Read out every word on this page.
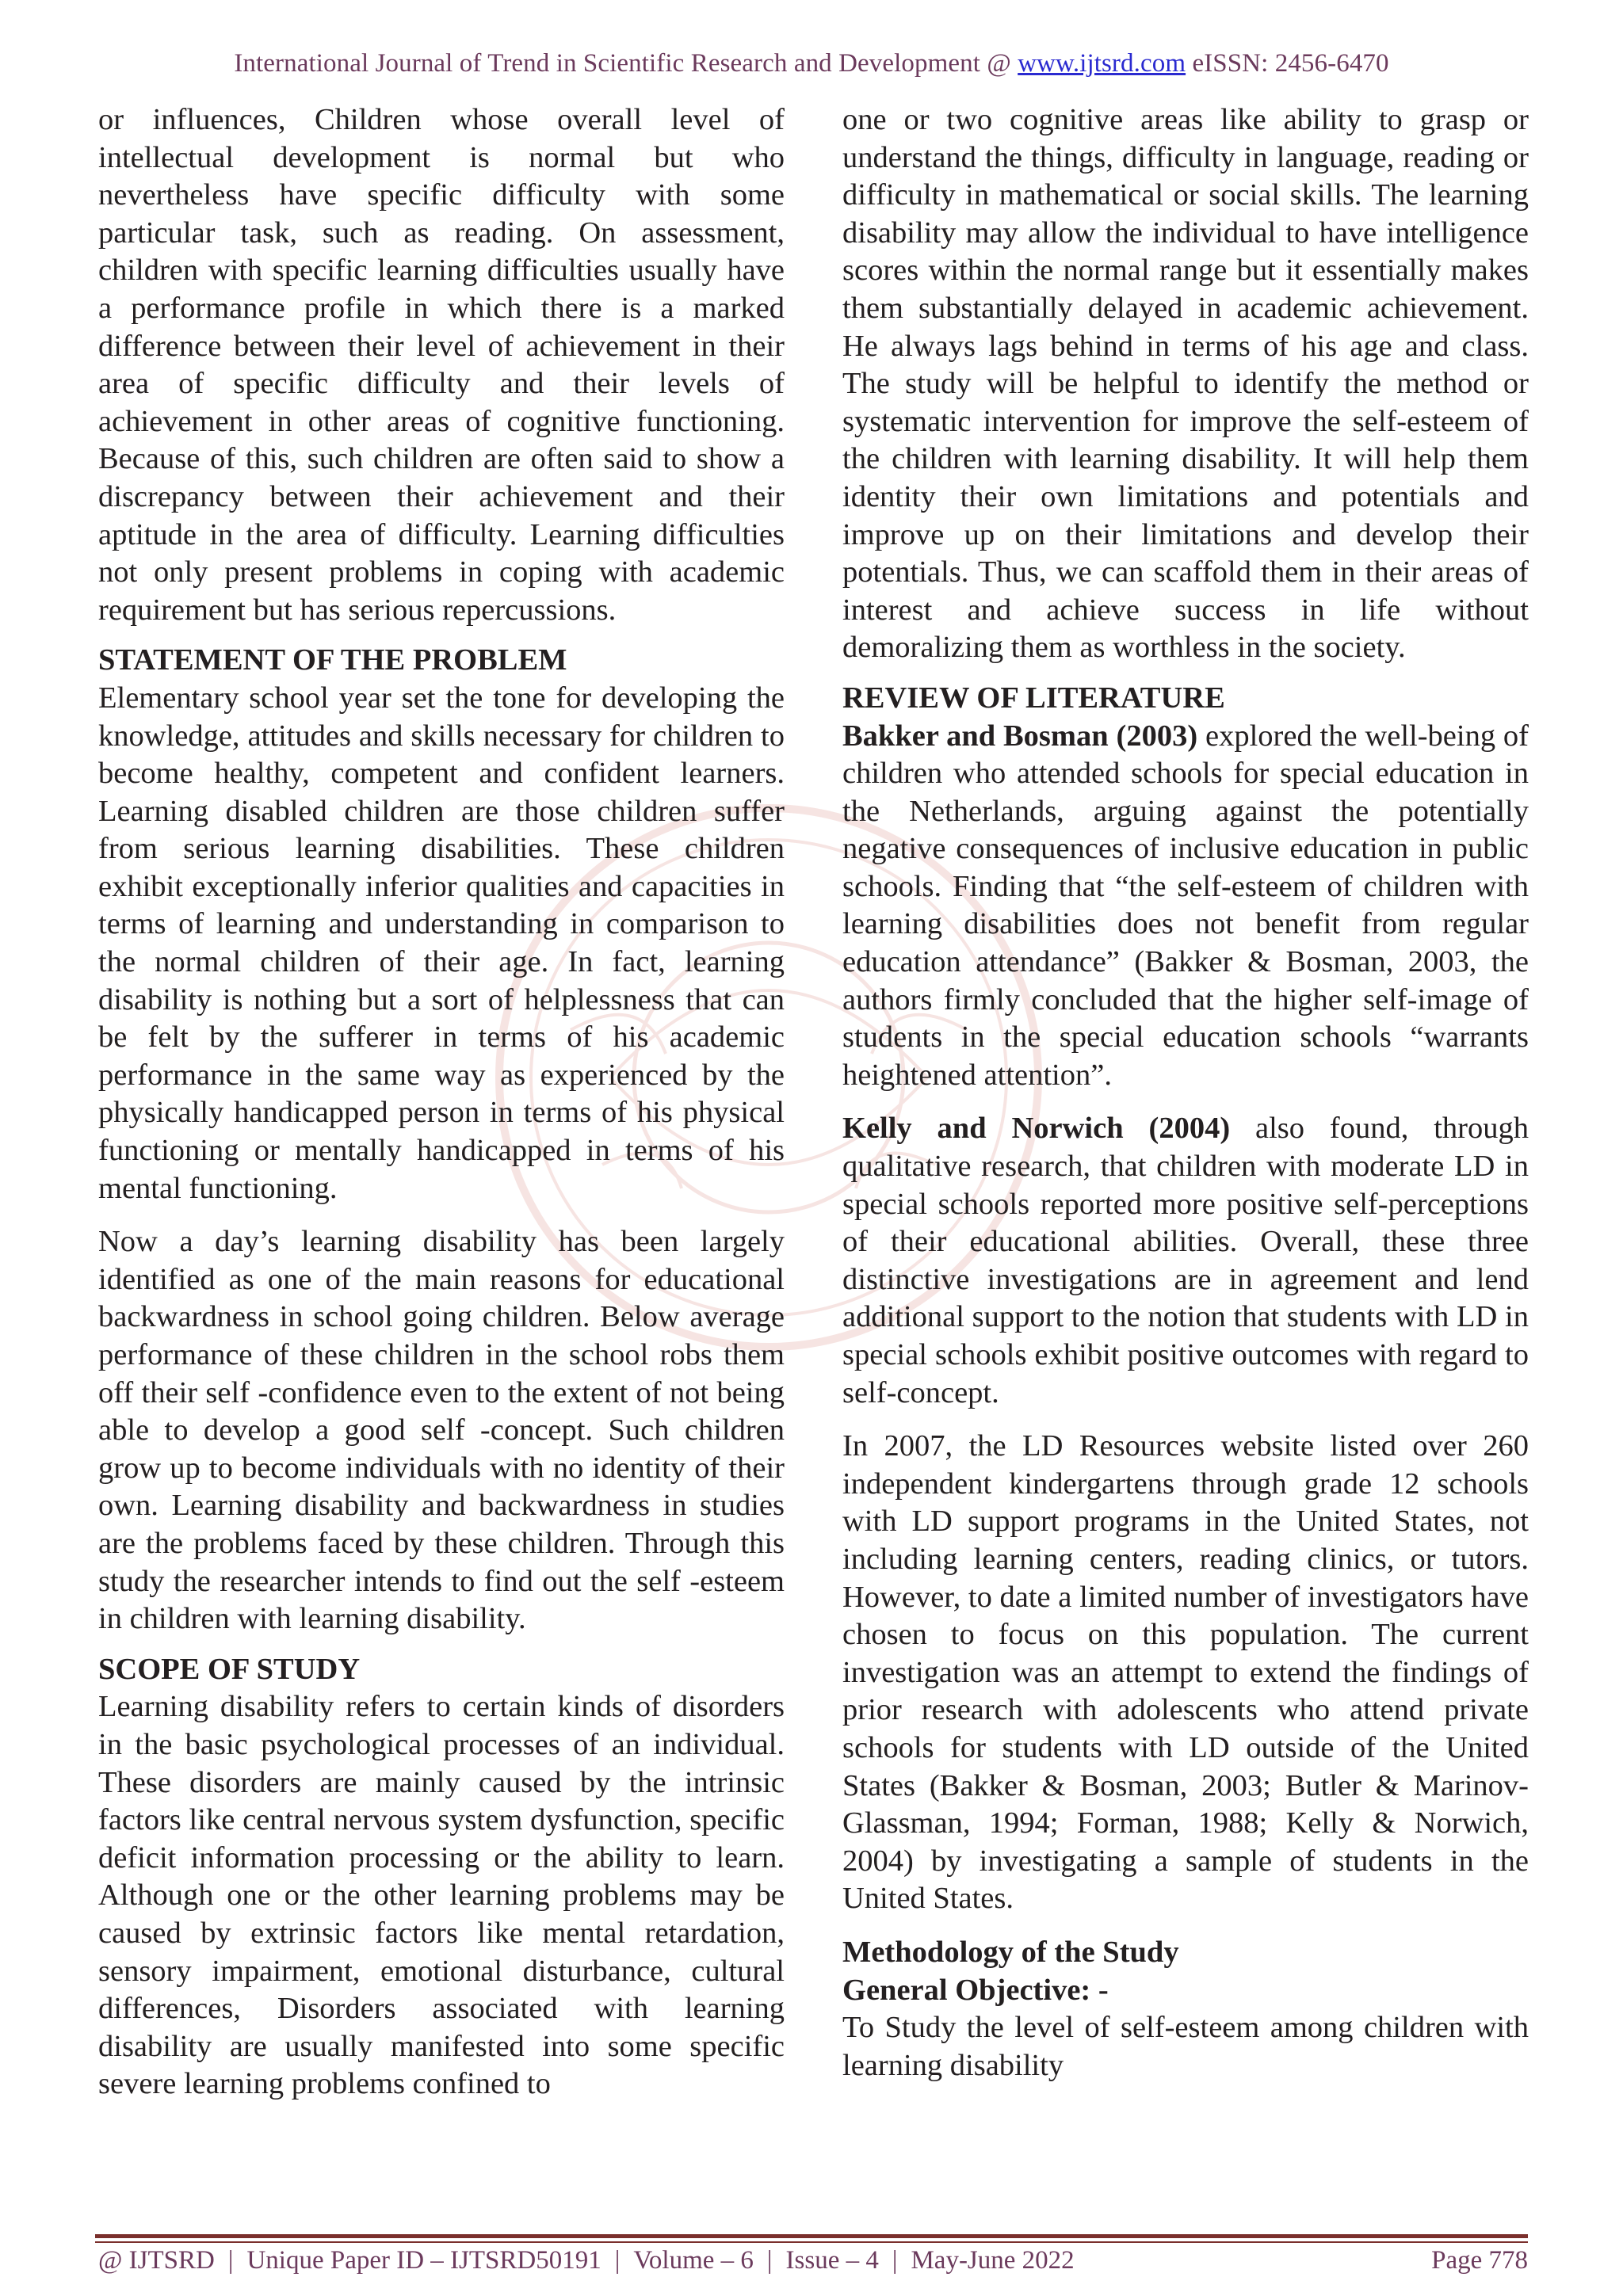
International Journal of Trend in Scientific Research and Development @ www.ijtsrd.com eISSN: 2456-6470

or influences, Children whose overall level of intellectual development is normal but who nevertheless have specific difficulty with some particular task, such as reading. On assessment, children with specific learning difficulties usually have a performance profile in which there is a marked difference between their level of achievement in their area of specific difficulty and their levels of achievement in other areas of cognitive functioning. Because of this, such children are often said to show a discrepancy between their achievement and their aptitude in the area of difficulty. Learning difficulties not only present problems in coping with academic requirement but has serious repercussions.

STATEMENT OF THE PROBLEM

Elementary school year set the tone for developing the knowledge, attitudes and skills necessary for children to become healthy, competent and confident learners. Learning disabled children are those children suffer from serious learning disabilities. These children exhibit exceptionally inferior qualities and capacities in terms of learning and understanding in comparison to the normal children of their age. In fact, learning disability is nothing but a sort of helplessness that can be felt by the sufferer in terms of his academic performance in the same way as experienced by the physically handicapped person in terms of his physical functioning or mentally handicapped in terms of his mental functioning.

Now a day’s learning disability has been largely identified as one of the main reasons for educational backwardness in school going children. Below average performance of these children in the school robs them off their self -confidence even to the extent of not being able to develop a good self -concept. Such children grow up to become individuals with no identity of their own. Learning disability and backwardness in studies are the problems faced by these children. Through this study the researcher intends to find out the self -esteem in children with learning disability.

SCOPE OF STUDY

Learning disability refers to certain kinds of disorders in the basic psychological processes of an individual. These disorders are mainly caused by the intrinsic factors like central nervous system dysfunction, specific deficit information processing or the ability to learn. Although one or the other learning problems may be caused by extrinsic factors like mental retardation, sensory impairment, emotional disturbance, cultural differences, Disorders associated with learning disability are usually manifested into some specific severe learning problems confined to

one or two cognitive areas like ability to grasp or understand the things, difficulty in language, reading or difficulty in mathematical or social skills. The learning disability may allow the individual to have intelligence scores within the normal range but it essentially makes them substantially delayed in academic achievement. He always lags behind in terms of his age and class. The study will be helpful to identify the method or systematic intervention for improve the self-esteem of the children with learning disability. It will help them identity their own limitations and potentials and improve up on their limitations and develop their potentials. Thus, we can scaffold them in their areas of interest and achieve success in life without demoralizing them as worthless in the society.

REVIEW OF LITERATURE

Bakker and Bosman (2003) explored the well-being of children who attended schools for special education in the Netherlands, arguing against the potentially negative consequences of inclusive education in public schools. Finding that “the self-esteem of children with learning disabilities does not benefit from regular education attendance” (Bakker & Bosman, 2003, the authors firmly concluded that the higher self-image of students in the special education schools “warrants heightened attention”.

Kelly and Norwich (2004) also found, through qualitative research, that children with moderate LD in special schools reported more positive self-perceptions of their educational abilities. Overall, these three distinctive investigations are in agreement and lend additional support to the notion that students with LD in special schools exhibit positive outcomes with regard to self-concept.

In 2007, the LD Resources website listed over 260 independent kindergartens through grade 12 schools with LD support programs in the United States, not including learning centers, reading clinics, or tutors. However, to date a limited number of investigators have chosen to focus on this population. The current investigation was an attempt to extend the findings of prior research with adolescents who attend private schools for students with LD outside of the United States (Bakker & Bosman, 2003; Butler & Marinov-Glassman, 1994; Forman, 1988; Kelly & Norwich, 2004) by investigating a sample of students in the United States.

Methodology of the Study
General Objective: -

To Study the level of self-esteem among children with learning disability

@ IJTSRD | Unique Paper ID – IJTSRD50191 | Volume – 6 | Issue – 4 | May-June 2022	Page 778
